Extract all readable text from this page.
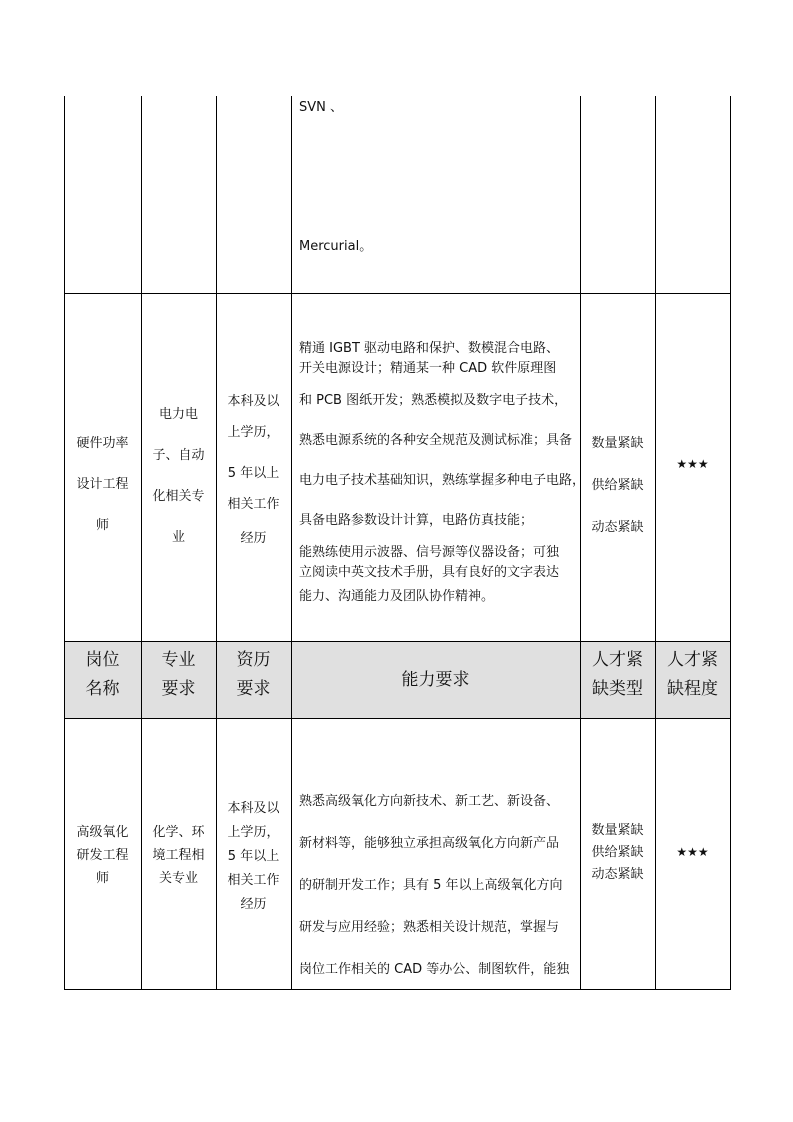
SVN 、
Mercurial。
硬件功率
设计工程
师
电力电
子、自动
化相关专
业
本科及以
上学历，
5 年以上
相关工作
经历
精通 IGBT 驱动电路和保护、数模混合电路、
开关电源设计；精通某一种 CAD 软件原理图
和 PCB 图纸开发；熟悉模拟及数字电子技术，
熟悉电源系统的各种安全规范及测试标准；具备
电力电子技术基础知识，熟练掌握多种电子电路，
具备电路参数设计计算，电路仿真技能；
能熟练使用示波器、信号源等仪器设备；可独
立阅读中英文技术手册，具有良好的文字表达
能力、沟通能力及团队协作精神。
数量紧缺
供给紧缺
动态紧缺
★★★
岗位
名称
专业
要求
资历
要求	能力要求
人才紧
缺类型
人才紧
缺程度
高级氧化
研发工程
师
化学、环
境工程相
关专业
本科及以
上学历，
5 年以上
相关工作
经历
熟悉高级氧化方向新技术、新工艺、新设备、
新材料等，能够独立承担高级氧化方向新产品
的研制开发工作；具有 5 年以上高级氧化方向
研发与应用经验；熟悉相关设计规范，掌握与
岗位工作相关的 CAD 等办公、制图软件，能独
数量紧缺
供给紧缺
动态紧缺
★★★
